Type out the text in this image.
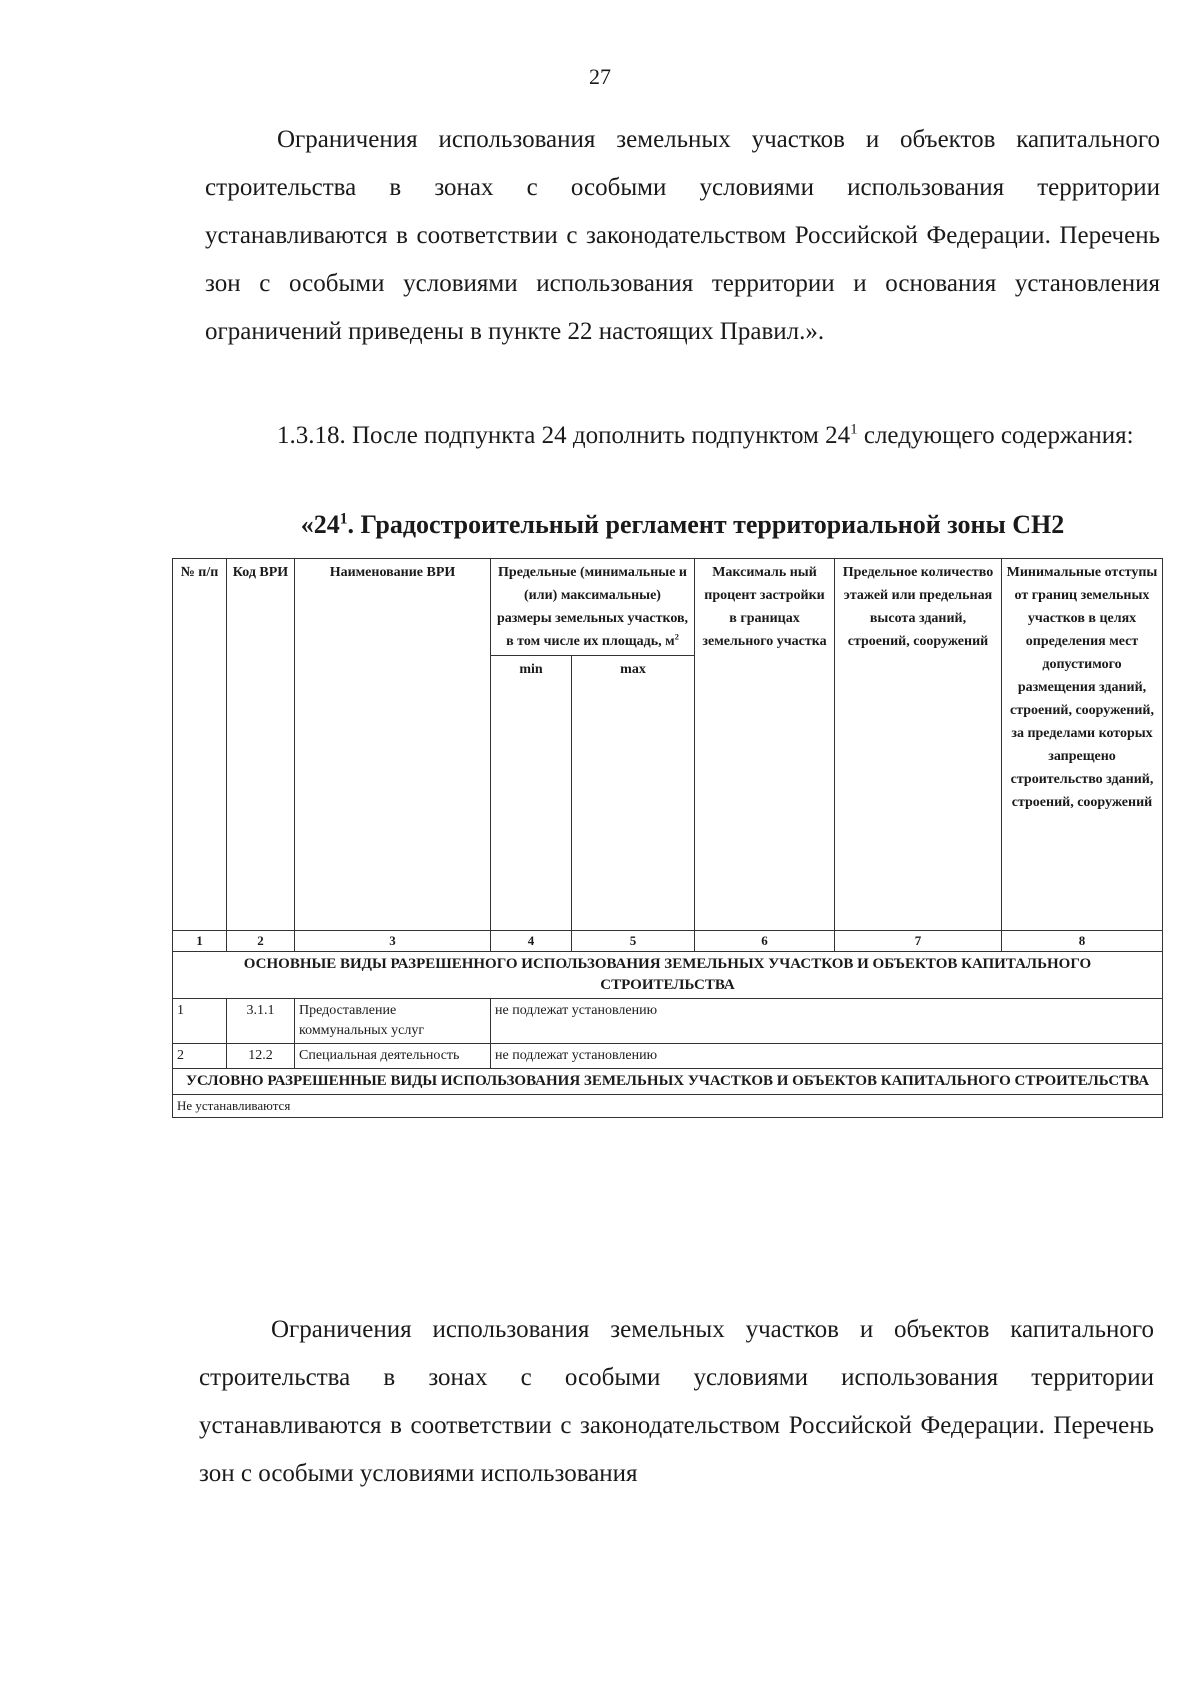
27

Ограничения использования земельных участков и объектов капитального строительства в зонах с особыми условиями использования территории устанавливаются в соответствии с законодательством Российской Федерации. Перечень зон с особыми условиями использования территории и основания установления ограничений приведены в пункте 22 настоящих Правил.».

1.3.18. После подпункта 24 дополнить подпунктом $24^1$ следующего содержания:

«$24^1$. Градостроительный регламент территориальной зоны СН2
№ п/п	Код ВРИ	Наименование ВРИ	Предельные (минимальные и (или) максимальные) размеры земельных участков, в том числе их площадь, $м^2$		Максималь ный процент застройки в границах земельного участка	Предельное количество этажей или предельная высота зданий, строений, сооружений	Минимальные отступы от границ земельных участков в целях определения мест допустимого размещения зданий, строений, сооружений, за пределами которых запрещено строительство зданий, строений, сооружений
			min	max			
1	2	3	4	5	6	7	8
ОСНОВНЫЕ ВИДЫ РАЗРЕШЕННОГО ИСПОЛЬЗОВАНИЯ ЗЕМЕЛЬНЫХ УЧАСТКОВ И ОБЪЕКТОВ КАПИТАЛЬНОГО СТРОИТЕЛЬСТВА							
1	3.1.1	Предоставление коммунальных услуг	не подлежат установлению				
2	12.2	Специальная деятельность	не подлежат установлению				
УСЛОВНО РАЗРЕШЕННЫЕ ВИДЫ ИСПОЛЬЗОВАНИЯ ЗЕМЕЛЬНЫХ УЧАСТКОВ И ОБЪЕКТОВ КАПИТАЛЬНОГО СТРОИТЕЛЬСТВА							
Не устанавливаются							

Ограничения использования земельных участков и объектов капитального строительства в зонах с особыми условиями использования территории устанавливаются в соответствии с законодательством Российской Федерации. Перечень зон с особыми условиями использования
